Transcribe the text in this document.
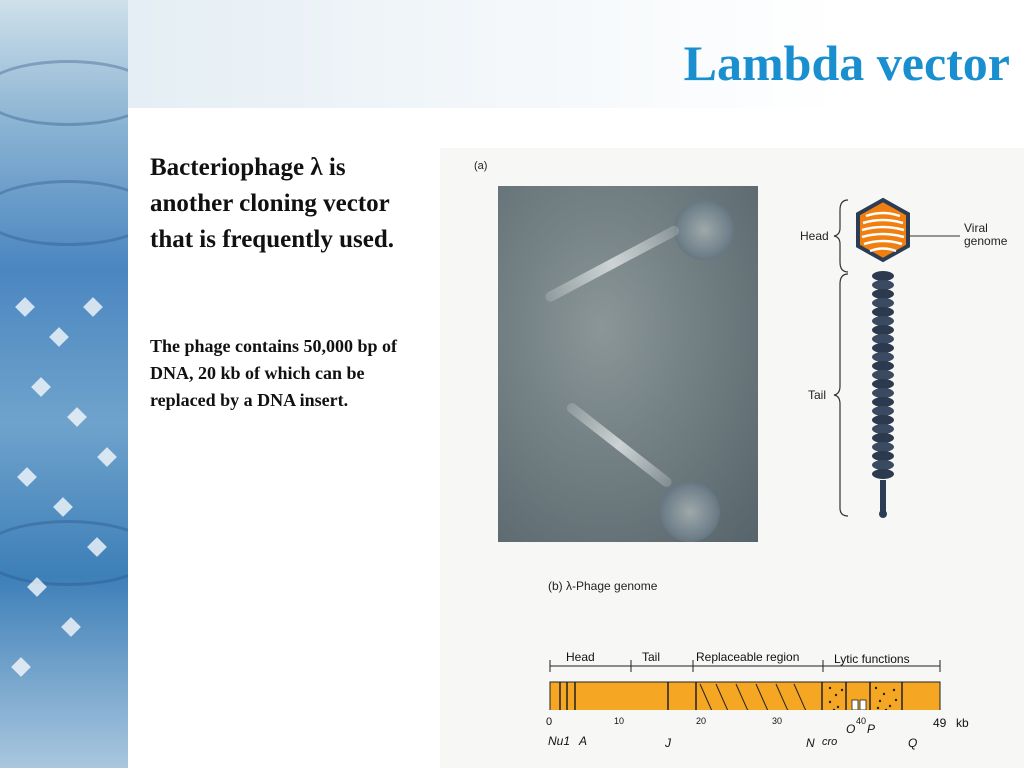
Lambda vector
Bacteriophage λ is another cloning vector that is frequently used.
The phage contains 50,000 bp of DNA, 20 kb of which can be replaced by a DNA insert.
(a)
Head
Tail
Viral
genome
(b) λ-Phage genome
Head	Tail	Replaceable region	Lytic functions
0	10	20	30	40	49 kb
Nu1 A	J	N cro
O P
Q
